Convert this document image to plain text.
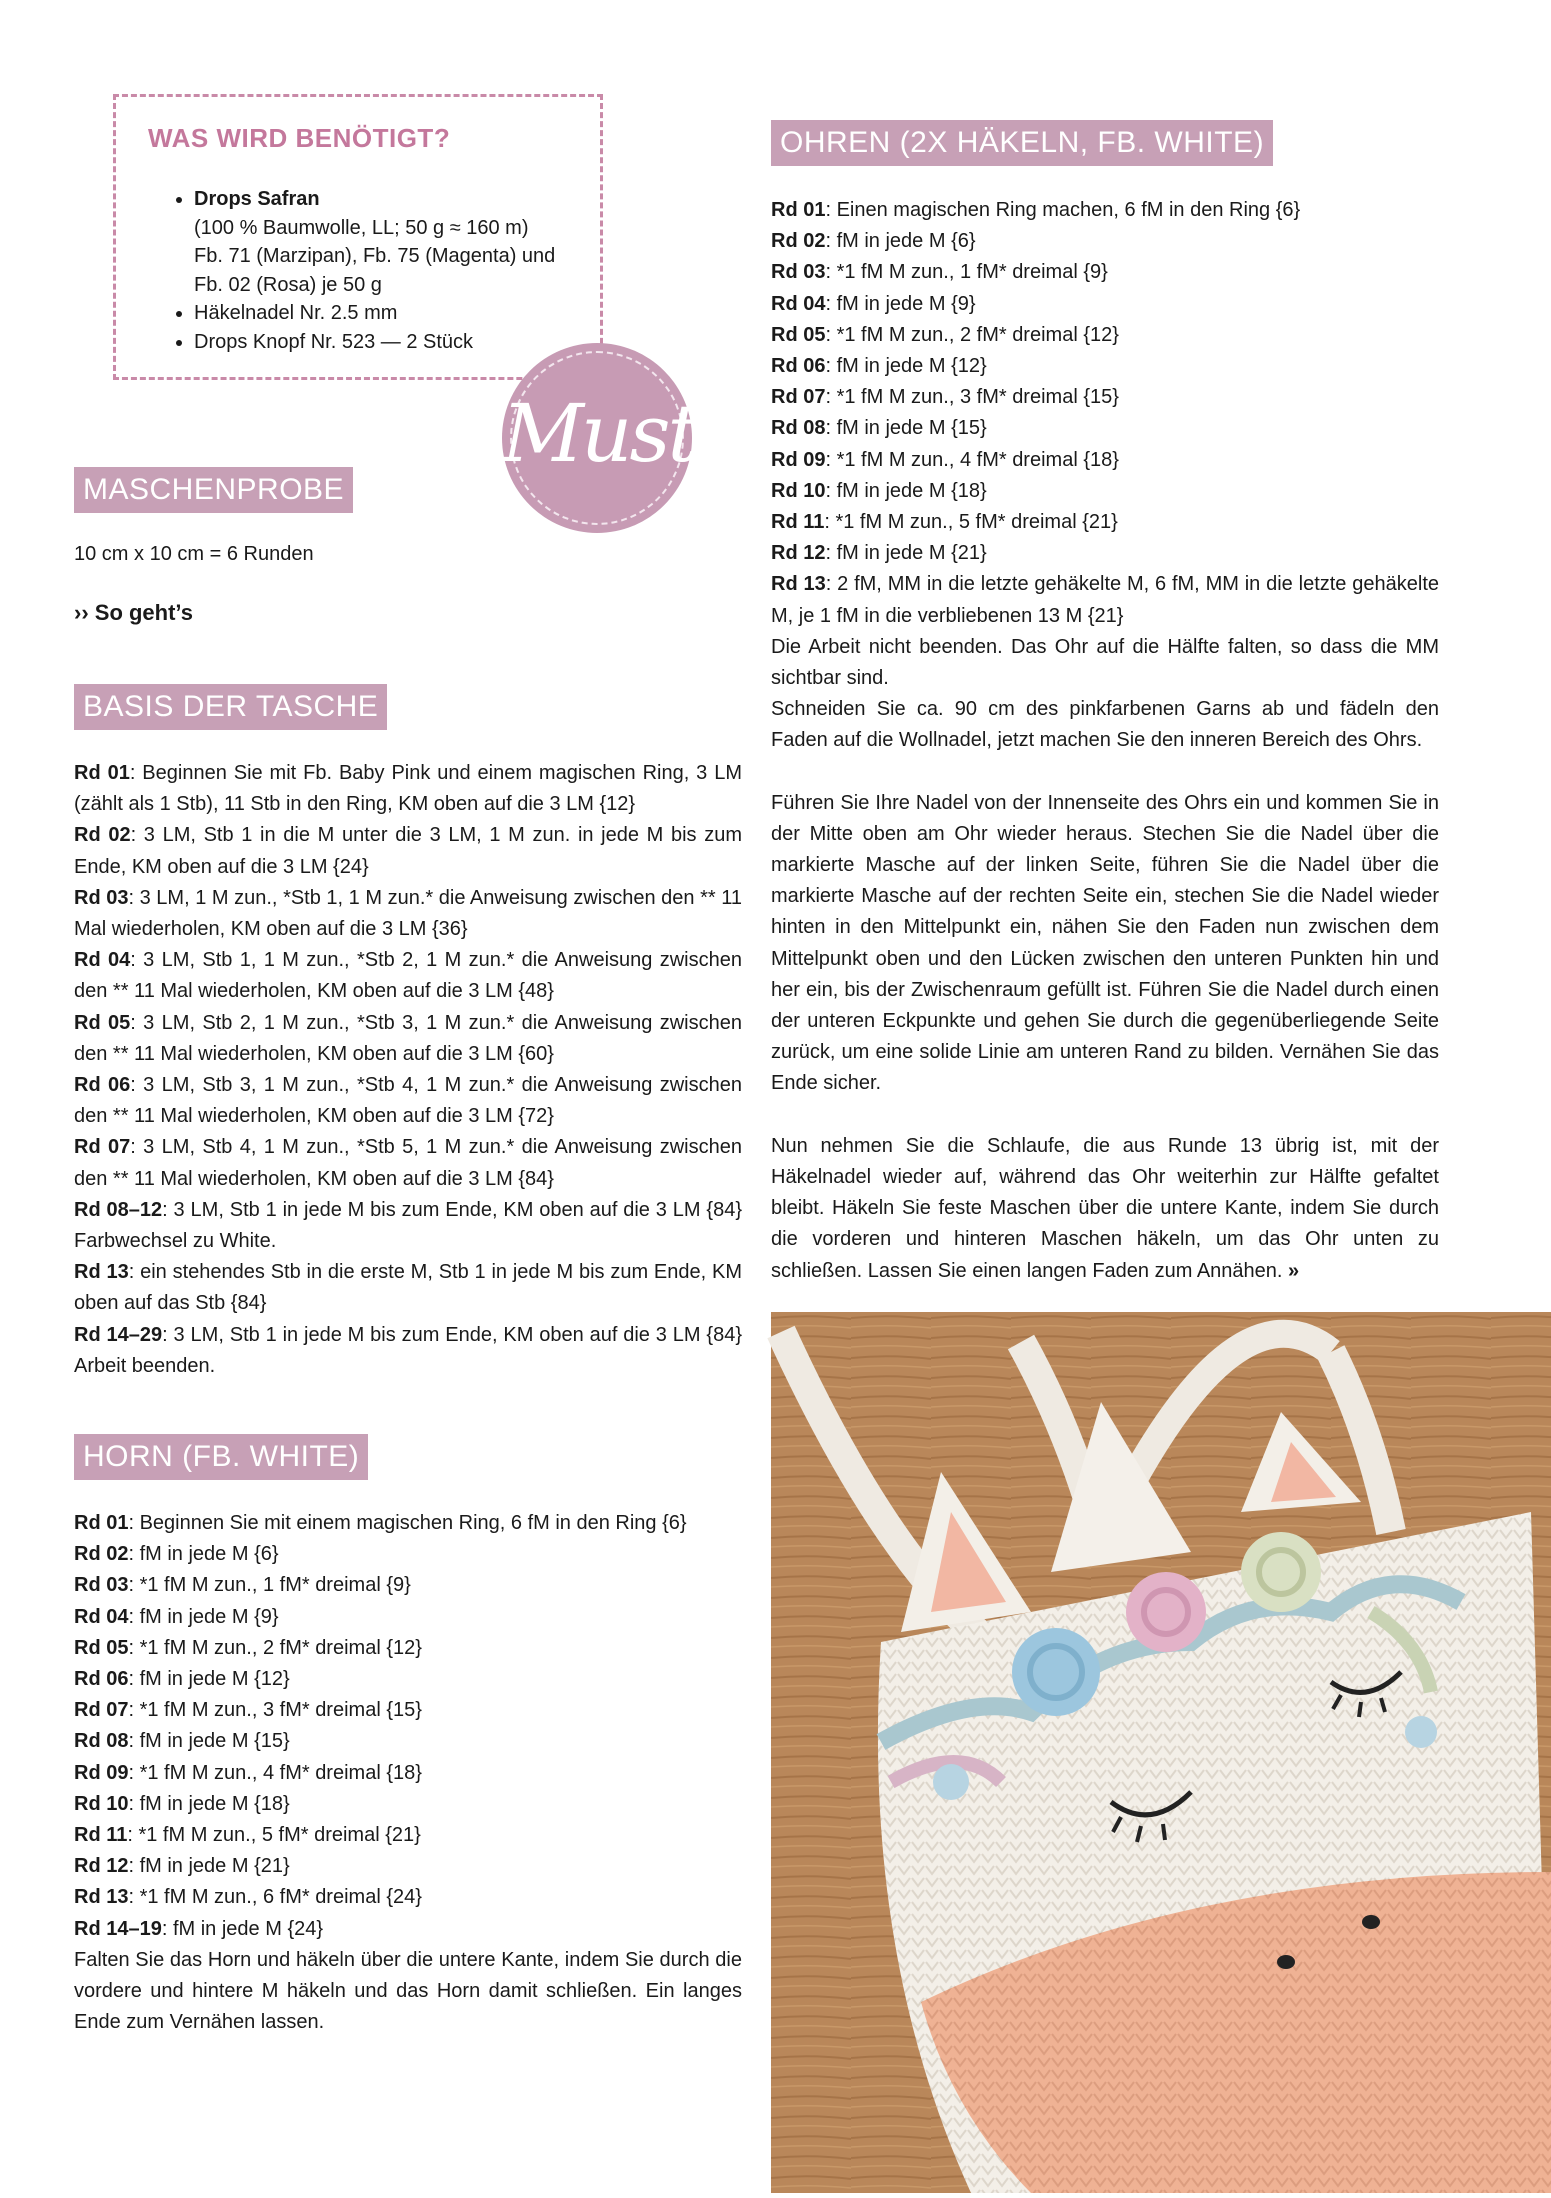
WAS WIRD BENÖTIGT?
• Drops Safran
(100 % Baumwolle, LL; 50 g ≈ 160 m)
Fb. 71 (Marzipan), Fb. 75 (Magenta) und
Fb. 02 (Rosa) je 50 g
• Häkelnadel Nr. 2.5 mm
• Drops Knopf Nr. 523 — 2 Stück
Muster
MASCHENPROBE

10 cm x 10 cm = 6 Runden

›› So geht’s
BASIS DER TASCHE

Rd 01: Beginnen Sie mit Fb. Baby Pink und einem magischen Ring, 3 LM (zählt als 1 Stb), 11 Stb in den Ring, KM oben auf die 3 LM {12}

Rd 02: 3 LM, Stb 1 in die M unter die 3 LM, 1 M zun. in jede M bis zum Ende, KM oben auf die 3 LM {24}

Rd 03: 3 LM, 1 M zun., *Stb 1, 1 M zun.* die Anweisung zwischen den ** 11 Mal wiederholen, KM oben auf die 3 LM {36}

Rd 04: 3 LM, Stb 1, 1 M zun., *Stb 2, 1 M zun.* die Anweisung zwischen den ** 11 Mal wiederholen, KM oben auf die 3 LM {48}

Rd 05: 3 LM, Stb 2, 1 M zun., *Stb 3, 1 M zun.* die Anweisung zwischen den ** 11 Mal wiederholen, KM oben auf die 3 LM {60}

Rd 06: 3 LM, Stb 3, 1 M zun., *Stb 4, 1 M zun.* die Anweisung zwischen den ** 11 Mal wiederholen, KM oben auf die 3 LM {72}

Rd 07: 3 LM, Stb 4, 1 M zun., *Stb 5, 1 M zun.* die Anweisung zwischen den ** 11 Mal wiederholen, KM oben auf die 3 LM {84}

Rd 08–12: 3 LM, Stb 1 in jede M bis zum Ende, KM oben auf die 3 LM {84} Farbwechsel zu White.

Rd 13: ein stehendes Stb in die erste M, Stb 1 in jede M bis zum Ende, KM oben auf das Stb {84}

Rd 14–29: 3 LM, Stb 1 in jede M bis zum Ende, KM oben auf die 3 LM {84} Arbeit beenden.

HORN (FB. WHITE)

Rd 01: Beginnen Sie mit einem magischen Ring, 6 fM in den Ring {6}

Rd 02: fM in jede M {6}

Rd 03: *1 fM M zun., 1 fM* dreimal {9}

Rd 04: fM in jede M {9}

Rd 05: *1 fM M zun., 2 fM* dreimal {12}

Rd 06: fM in jede M {12}

Rd 07: *1 fM M zun., 3 fM* dreimal {15}

Rd 08: fM in jede M {15}

Rd 09: *1 fM M zun., 4 fM* dreimal {18}

Rd 10: fM in jede M {18}

Rd 11: *1 fM M zun., 5 fM* dreimal {21}

Rd 12: fM in jede M {21}

Rd 13: *1 fM M zun., 6 fM* dreimal {24}

Rd 14–19: fM in jede M {24}

Falten Sie das Horn und häkeln über die untere Kante, indem Sie durch die vordere und hintere M häkeln und das Horn damit schließen. Ein langes Ende zum Vernähen lassen.

OHREN (2X HÄKELN, FB. WHITE)

Rd 01: Einen magischen Ring machen, 6 fM in den Ring {6}

Rd 02: fM in jede M {6}

Rd 03: *1 fM M zun., 1 fM* dreimal {9}

Rd 04: fM in jede M {9}

Rd 05: *1 fM M zun., 2 fM* dreimal {12}

Rd 06: fM in jede M {12}

Rd 07: *1 fM M zun., 3 fM* dreimal {15}

Rd 08: fM in jede M {15}

Rd 09: *1 fM M zun., 4 fM* dreimal {18}

Rd 10: fM in jede M {18}

Rd 11: *1 fM M zun., 5 fM* dreimal {21}

Rd 12: fM in jede M {21}

Rd 13: 2 fM, MM in die letzte gehäkelte M, 6 fM, MM in die letzte gehäkelte M, je 1 fM in die verbliebenen 13 M {21}

Die Arbeit nicht beenden. Das Ohr auf die Hälfte falten, so dass die MM sichtbar sind.

Schneiden Sie ca. 90 cm des pinkfarbenen Garns ab und fädeln den Faden auf die Wollnadel, jetzt machen Sie den inneren Bereich des Ohrs.

Führen Sie Ihre Nadel von der Innenseite des Ohrs ein und kommen Sie in der Mitte oben am Ohr wieder heraus. Stechen Sie die Nadel über die markierte Masche auf der linken Seite, führen Sie die Nadel über die markierte Masche auf der rechten Seite ein, stechen Sie die Nadel wieder hinten in den Mittelpunkt ein, nähen Sie den Faden nun zwischen dem Mittelpunkt oben und den Lücken zwischen den unteren Punkten hin und her ein, bis der Zwischenraum gefüllt ist. Führen Sie die Nadel durch einen der unteren Eckpunkte und gehen Sie durch die gegenüberliegende Seite zurück, um eine solide Linie am unteren Rand zu bilden. Vernähen Sie das Ende sicher.

Nun nehmen Sie die Schlaufe, die aus Runde 13 übrig ist, mit der Häkelnadel wieder auf, während das Ohr weiterhin zur Hälfte gefaltet bleibt. Häkeln Sie feste Maschen über die untere Kante, indem Sie durch die vorderen und hinteren Maschen häkeln, um das Ohr unten zu schließen. Lassen Sie einen langen Faden zum Annähen. »
